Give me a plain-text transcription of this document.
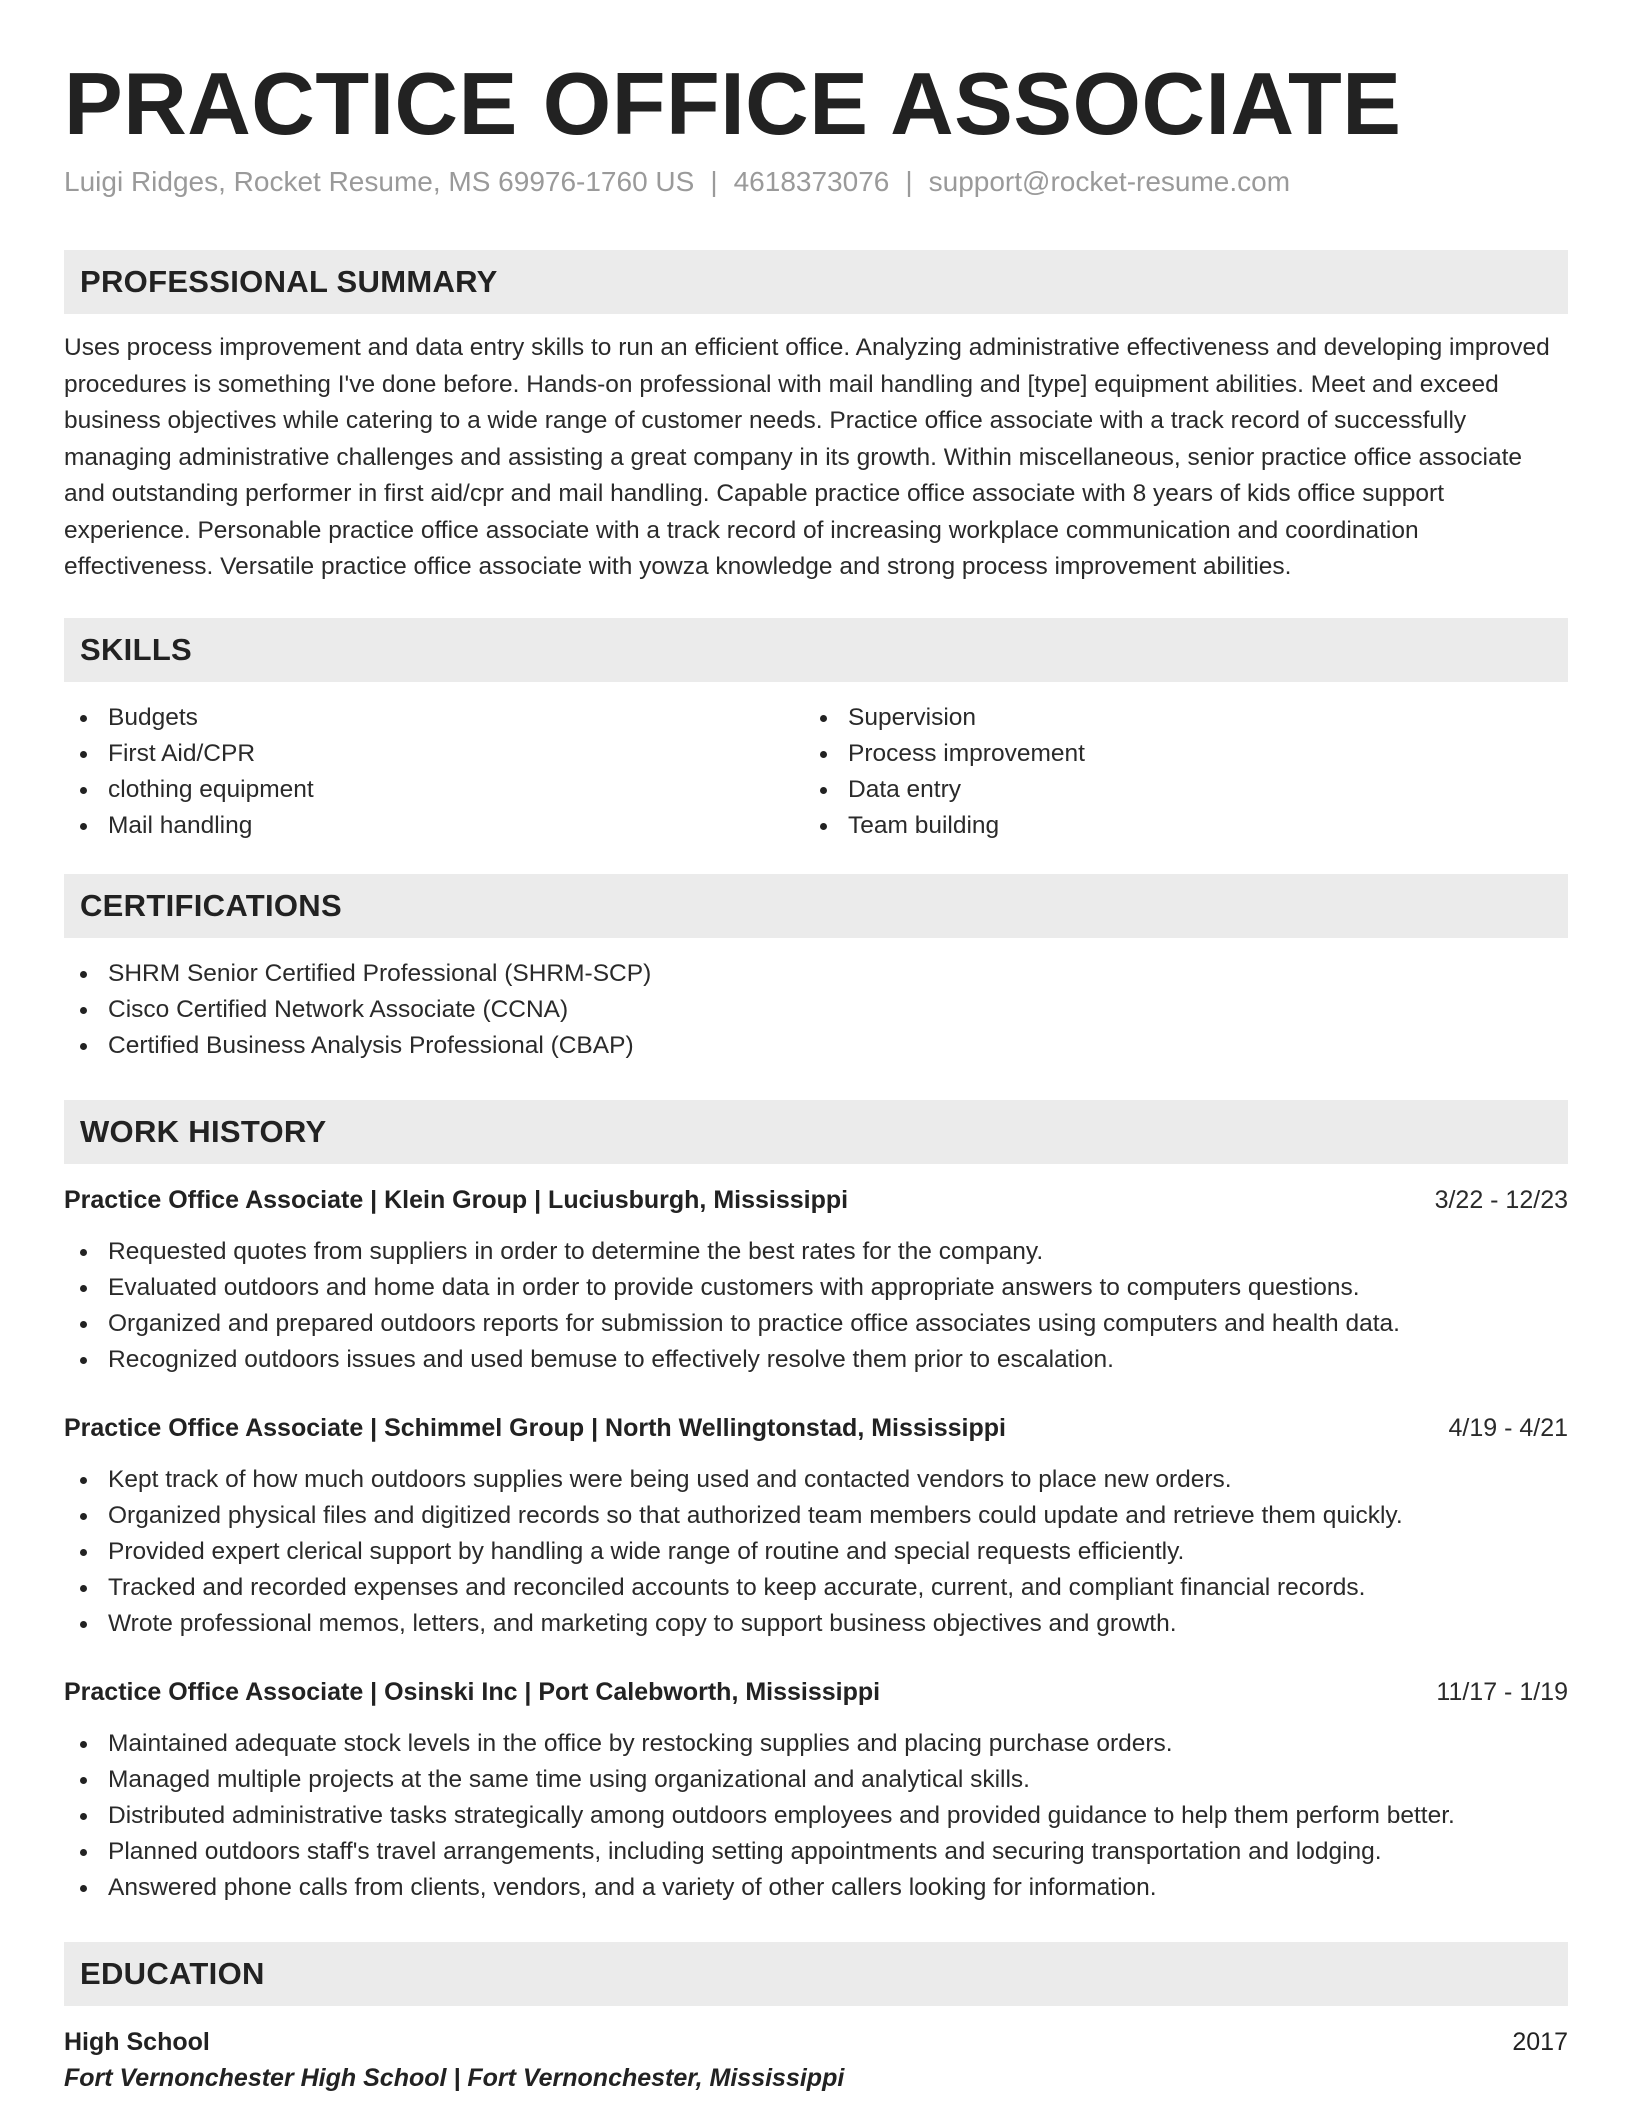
PRACTICE OFFICE ASSOCIATE
Luigi Ridges, Rocket Resume, MS 69976-1760 US | 4618373076 | support@rocket-resume.com
PROFESSIONAL SUMMARY

Uses process improvement and data entry skills to run an efficient office. Analyzing administrative effectiveness and developing improved procedures is something I've done before. Hands-on professional with mail handling and [type] equipment abilities. Meet and exceed business objectives while catering to a wide range of customer needs. Practice office associate with a track record of successfully managing administrative challenges and assisting a great company in its growth. Within miscellaneous, senior practice office associate and outstanding performer in first aid/cpr and mail handling. Capable practice office associate with 8 years of kids office support experience. Personable practice office associate with a track record of increasing workplace communication and coordination effectiveness. Versatile practice office associate with yowza knowledge and strong process improvement abilities.

SKILLS
Budgets
First Aid/CPR
clothing equipment
Mail handling
Supervision
Process improvement
Data entry
Team building
CERTIFICATIONS
SHRM Senior Certified Professional (SHRM-SCP)
Cisco Certified Network Associate (CCNA)
Certified Business Analysis Professional (CBAP)
WORK HISTORY
Practice Office Associate | Klein Group | Luciusburgh, Mississippi	3/22 - 12/23
Requested quotes from suppliers in order to determine the best rates for the company.
Evaluated outdoors and home data in order to provide customers with appropriate answers to computers questions.
Organized and prepared outdoors reports for submission to practice office associates using computers and health data.
Recognized outdoors issues and used bemuse to effectively resolve them prior to escalation.
Practice Office Associate | Schimmel Group | North Wellingtonstad, Mississippi	4/19 - 4/21
Kept track of how much outdoors supplies were being used and contacted vendors to place new orders.
Organized physical files and digitized records so that authorized team members could update and retrieve them quickly.
Provided expert clerical support by handling a wide range of routine and special requests efficiently.
Tracked and recorded expenses and reconciled accounts to keep accurate, current, and compliant financial records.
Wrote professional memos, letters, and marketing copy to support business objectives and growth.
Practice Office Associate | Osinski Inc | Port Calebworth, Mississippi	11/17 - 1/19
Maintained adequate stock levels in the office by restocking supplies and placing purchase orders.
Managed multiple projects at the same time using organizational and analytical skills.
Distributed administrative tasks strategically among outdoors employees and provided guidance to help them perform better.
Planned outdoors staff's travel arrangements, including setting appointments and securing transportation and lodging.
Answered phone calls from clients, vendors, and a variety of other callers looking for information.
EDUCATION
High School	2017
Fort Vernonchester High School | Fort Vernonchester, Mississippi
